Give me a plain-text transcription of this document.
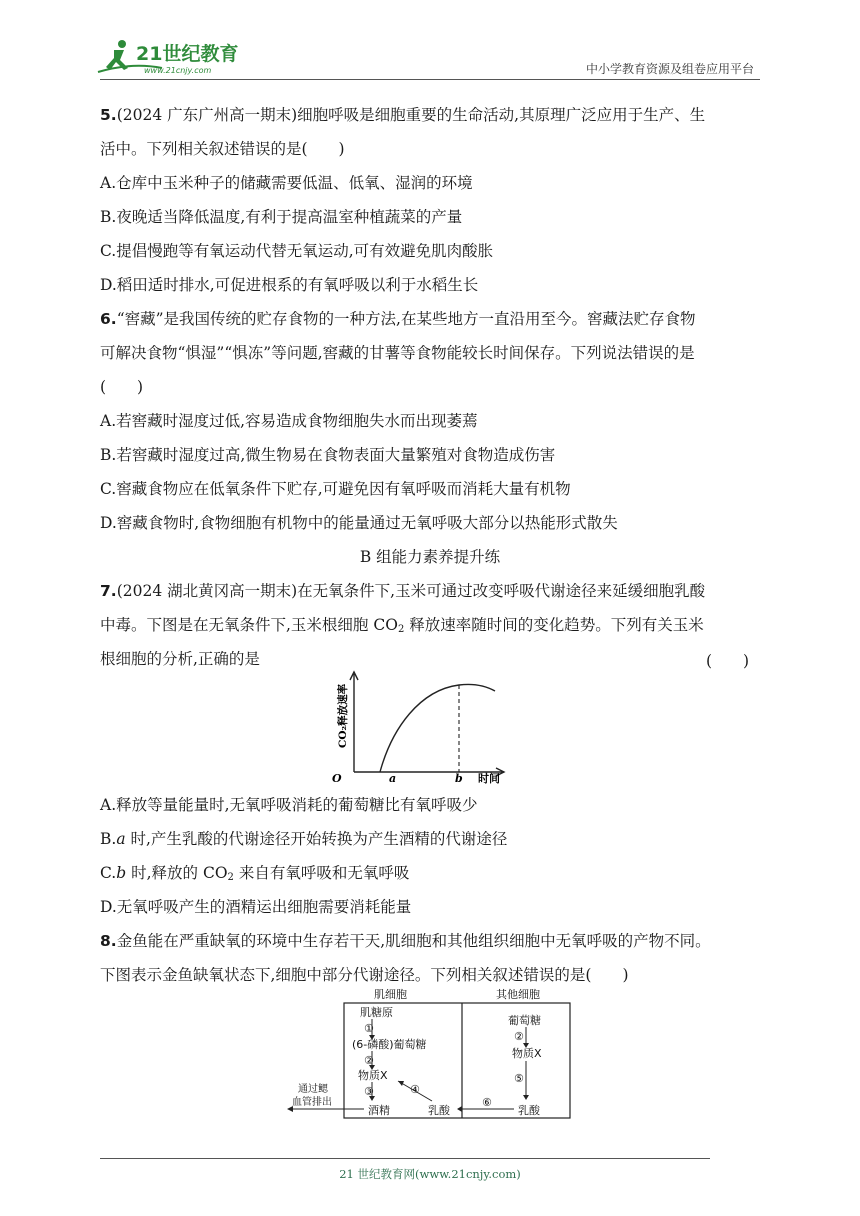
21世纪教育
www.21cnjy.com	中小学教育资源及组卷应用平台
5.(2024 广东广州高一期末)细胞呼吸是细胞重要的生命活动,其原理广泛应用于生产、生
活中。下列相关叙述错误的是(　　)
A.仓库中玉米种子的储藏需要低温、低氧、湿润的环境
B.夜晚适当降低温度,有利于提高温室种植蔬菜的产量
C.提倡慢跑等有氧运动代替无氧运动,可有效避免肌肉酸胀
D.稻田适时排水,可促进根系的有氧呼吸以利于水稻生长
6.“窖藏”是我国传统的贮存食物的一种方法,在某些地方一直沿用至今。窖藏法贮存食物
可解决食物“惧湿”“惧冻”等问题,窖藏的甘薯等食物能较长时间保存。下列说法错误的是
(　　)
A.若窖藏时湿度过低,容易造成食物细胞失水而出现萎蔫
B.若窖藏时湿度过高,微生物易在食物表面大量繁殖对食物造成伤害
C.窖藏食物应在低氧条件下贮存,可避免因有氧呼吸而消耗大量有机物
D.窖藏食物时,食物细胞有机物中的能量通过无氧呼吸大部分以热能形式散失
B 组能力素养提升练
7.(2024 湖北黄冈高一期末)在无氧条件下,玉米可通过改变呼吸代谢途径来延缓细胞乳酸
中毒。下图是在无氧条件下,玉米根细胞 $CO_2$ 释放速率随时间的变化趋势。下列有关玉米
根细胞的分析,正确的是	(　　)
CO₂释放速率
O	a	b 时间
A.释放等量能量时,无氧呼吸消耗的葡萄糖比有氧呼吸少
B.a 时,产生乳酸的代谢途径开始转换为产生酒精的代谢途径
C.b 时,释放的 $CO_2$ 来自有氧呼吸和无氧呼吸
D.无氧呼吸产生的酒精运出细胞需要消耗能量
8.金鱼能在严重缺氧的环境中生存若干天,肌细胞和其他组织细胞中无氧呼吸的产物不同。
下图表示金鱼缺氧状态下,细胞中部分代谢途径。下列相关叙述错误的是(　　)
肌细胞	其他细胞
肌糖原
①
(6-磷酸)葡萄糖
②
物质X
③	④
酒精	乳酸
葡萄糖
②
物质X
⑤
乳酸
⑥
通过鳃
血管排出
21 世纪教育网(www.21cnjy.com)
